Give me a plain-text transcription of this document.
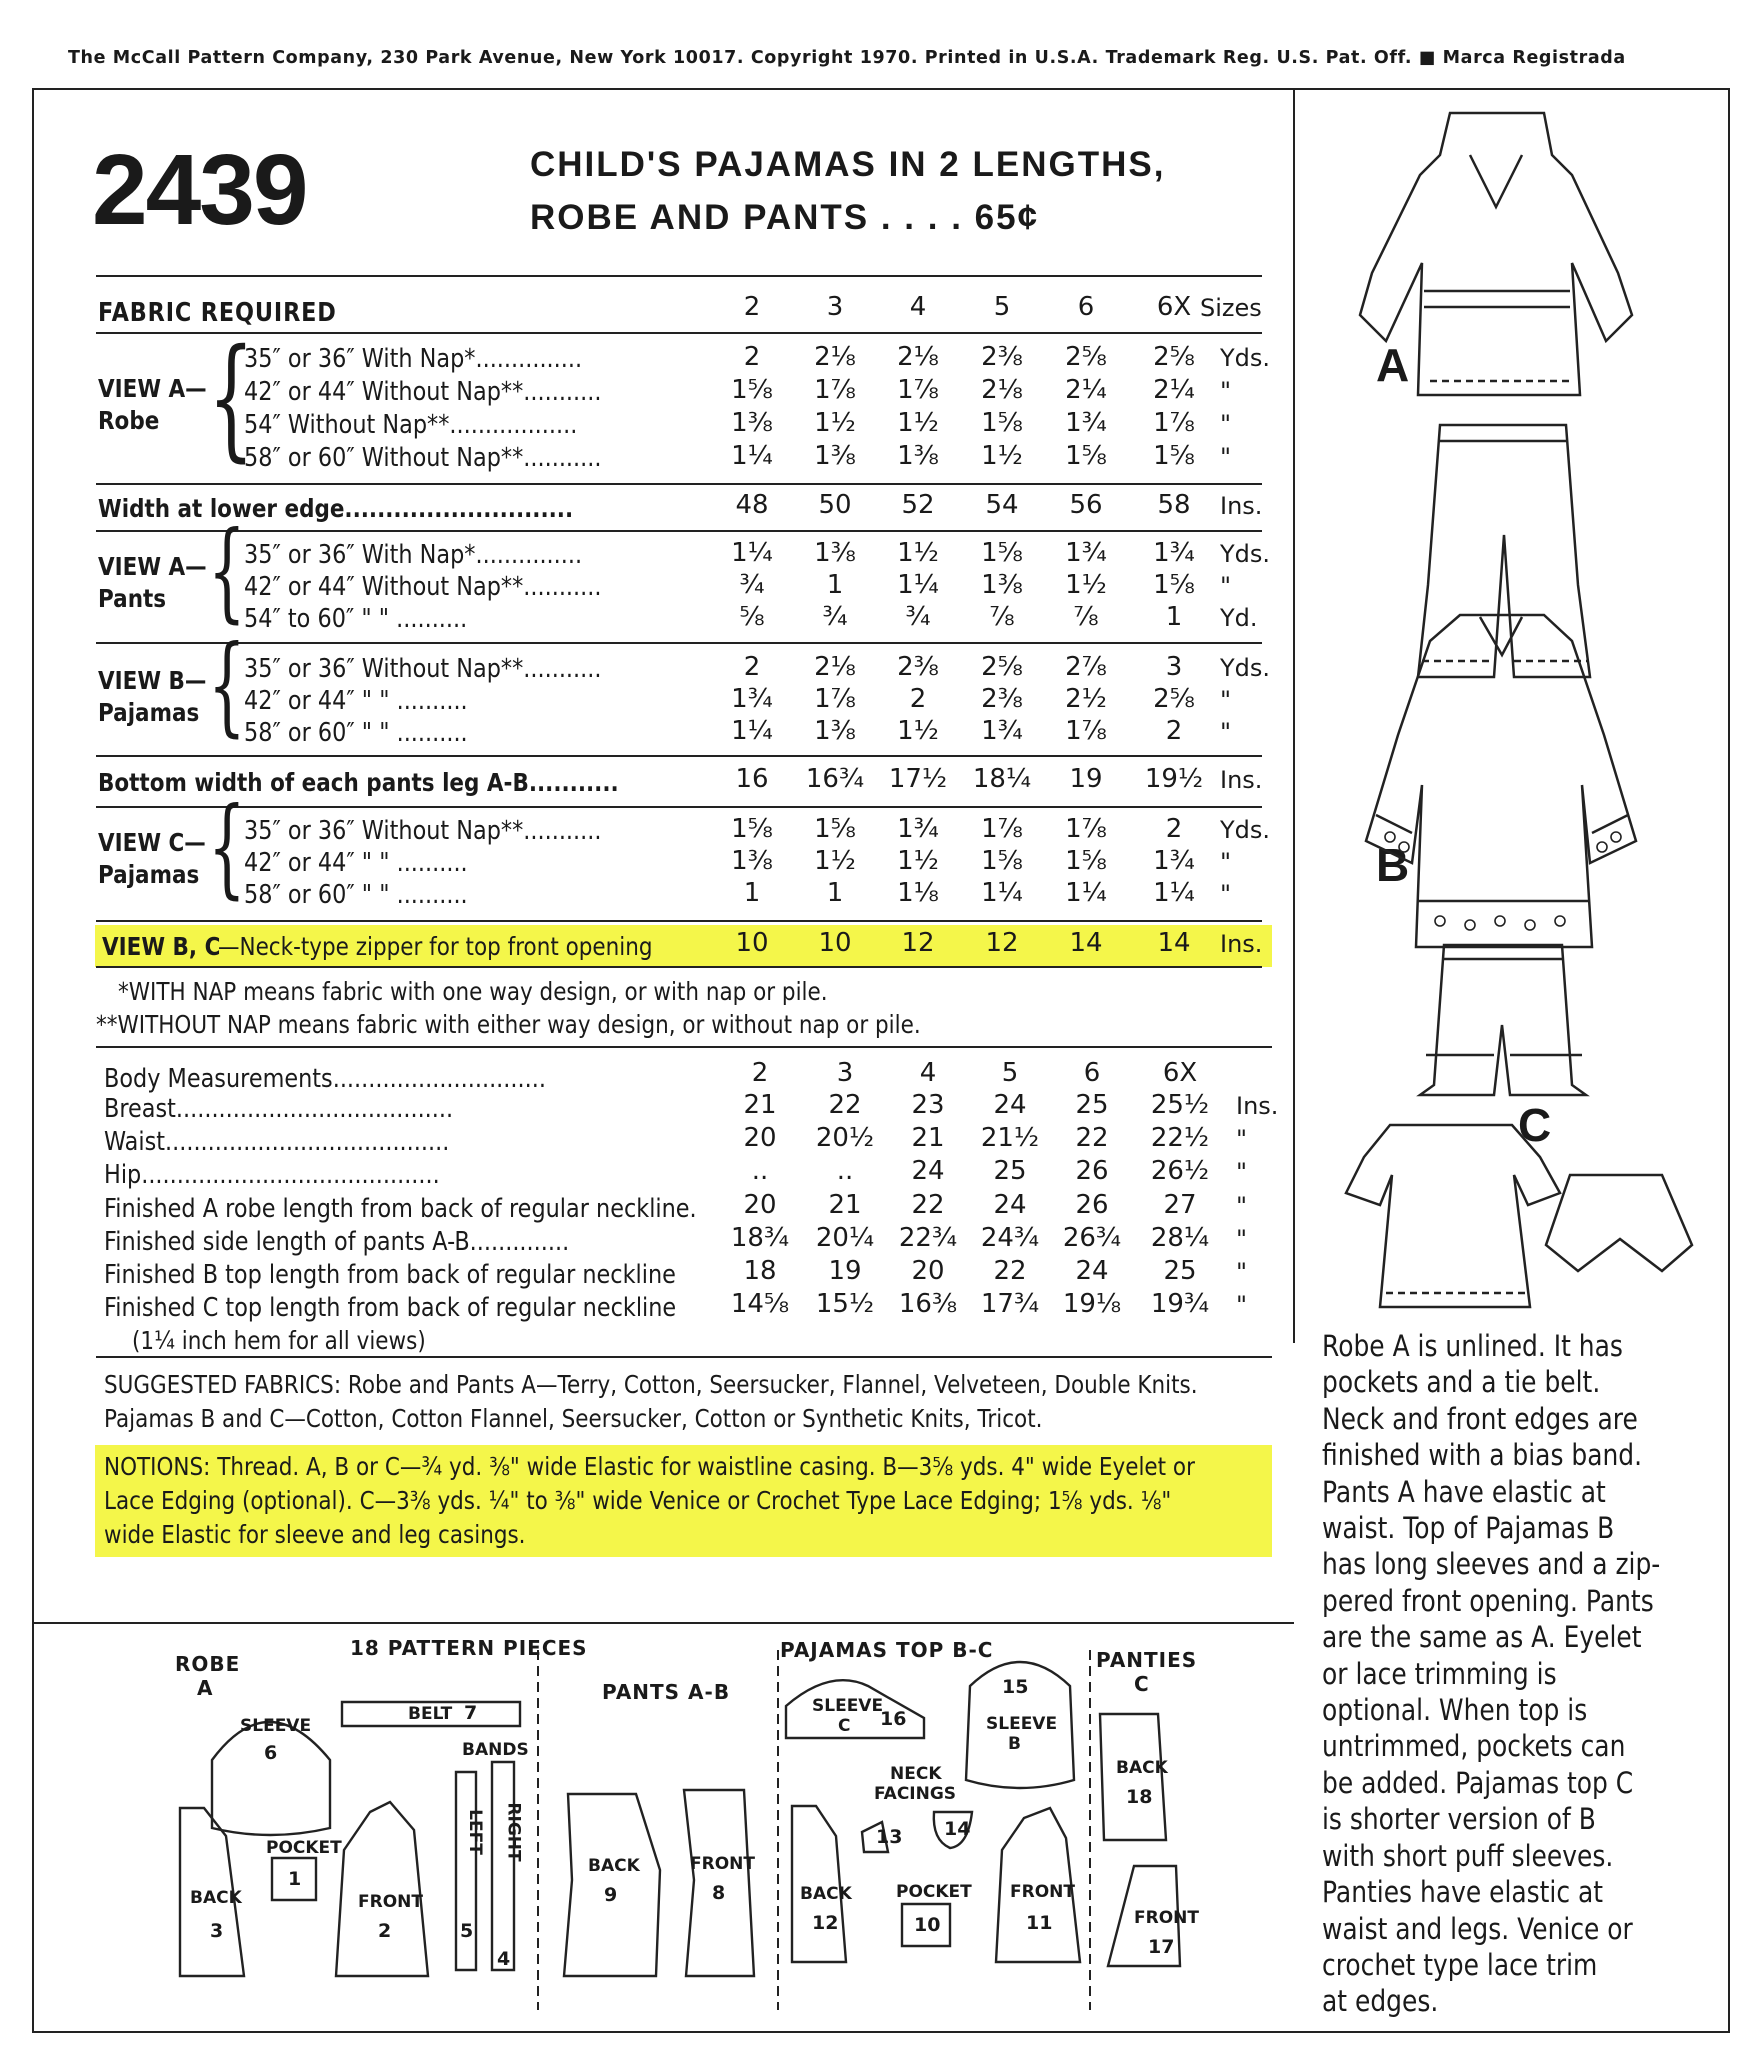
The McCall Pattern Company, 230 Park Avenue, New York 10017. Copyright 1970. Printed in U.S.A. Trademark Reg. U.S. Pat. Off. ■ Marca Registrada
2439	CHILD'S PAJAMAS IN 2 LENGTHS,
ROBE AND PANTS . . . . 65¢
FABRIC REQUIRED	2	3	4	5	6	6X Sizes
VIEW A—
Robe {
35″ or 36″ With Nap*...............	2	2⅛	2⅛	2⅜	2⅝	2⅝	Yds.
42″ or 44″ Without Nap**...........	1⅝	1⅞	1⅞	2⅛	2¼	2¼	"
54″ Without Nap**..................	1⅜	1½	1½	1⅝	1¾	1⅞	"
58″ or 60″ Without Nap**...........	1¼	1⅜	1⅜	1½	1⅝	1⅝	"
Width at lower edge............................	48	50	52	54	56	58	Ins.
VIEW A—
Pants {
35″ or 36″ With Nap*...............	1¼	1⅜	1½	1⅝	1¾	1¾	Yds.
42″ or 44″ Without Nap**...........	¾	1	1¼	1⅜	1½	1⅝	"
54″ to 60″ " " ..........	⅝	¾	¾	⅞	⅞	1	Yd.
VIEW B—
Pajamas {
35″ or 36″ Without Nap**...........	2	2⅛	2⅜	2⅝	2⅞	3	Yds.
42″ or 44″ " " ..........	1¾	1⅞	2	2⅜	2½	2⅝	"
58″ or 60″ " " ..........	1¼	1⅜	1½	1¾	1⅞	2	"
Bottom width of each pants leg A-B...........	16	16¾ 17½ 18¼	19	19½ Ins.
VIEW C—
Pajamas {
35″ or 36″ Without Nap**...........	1⅝	1⅝	1¾	1⅞	1⅞	2	Yds.
42″ or 44″ " " ..........	1⅜	1½	1½	1⅝	1⅝	1¾	"
58″ or 60″ " " ..........	1	1	1⅛	1¼	1¼	1¼	"
VIEW B, C
—Neck-type zipper for top front opening	10	10	12	12	14	14	Ins.
Body Measurements..............................	2	3	4	5	6	6X
Breast.......................................	21	22	23	24	25	25½ Ins.
Waist........................................	20	20½	21	21½	22	22½ "
Hip..........................................	..	..	24	25	26	26½ "
Finished A robe length from back of regular neckline.	20	21	22	24	26	27	"
Finished side length of pants A-B..............	18¾ 20¼ 22¾ 24¾ 26¾ 28¼ "
Finished B top length from back of regular neckline	18	19	20	22	24	25	"
Finished C top length from back of regular neckline 14⅝ 15½ 16⅜ 17¾ 19⅛ 19¾ "
(1¼ inch hem for all views)
*WITH NAP means fabric with one way design, or with nap or pile.
**WITHOUT NAP means fabric with either way design, or without nap or pile.
SUGGESTED FABRICS: Robe and Pants A—Terry, Cotton, Seersucker, Flannel, Velveteen, Double Knits.
Pajamas B and C—Cotton, Cotton Flannel, Seersucker, Cotton or Synthetic Knits, Tricot.
NOTIONS: Thread. A, B or C—¾ yd. ⅜" wide Elastic for waistline casing. B—3⅝ yds. 4" wide Eyelet or
Lace Edging (optional). C—3⅜ yds. ¼" to ⅜" wide Venice or Crochet Type Lace Edging; 1⅝ yds. ⅛"
wide Elastic for sleeve and leg casings.
A
B
C

Robe A is unlined. It has

pockets and a tie belt.

Neck and front edges are

finished with a bias band.

Pants A have elastic at

waist. Top of Pajamas B

has long sleeves and a zip-

pered front opening. Pants

are the same as A. Eyelet

or lace trimming is

optional. When top is

untrimmed, pockets can

be added. Pajamas top C

is shorter version of B

with short puff sleeves.

Panties have elastic at

waist and legs. Venice or

crochet type lace trim

at edges.

ROBE
A
18 PATTERN PIECES
PANTS A-B
PAJAMAS TOP B-C	PANTIES
C
SLEEVE
6
BELT 7
BANDS
LEFT
5
RIGHT
4
POCKET
1
BACK
3
FRONT
2
BACK
9
FRONT
8
SLEEVE
C 16
NECK
FACINGS
13 14
BACK
12
POCKET
10
15
SLEEVE
B
FRONT
11
BACK
18
FRONT
17
